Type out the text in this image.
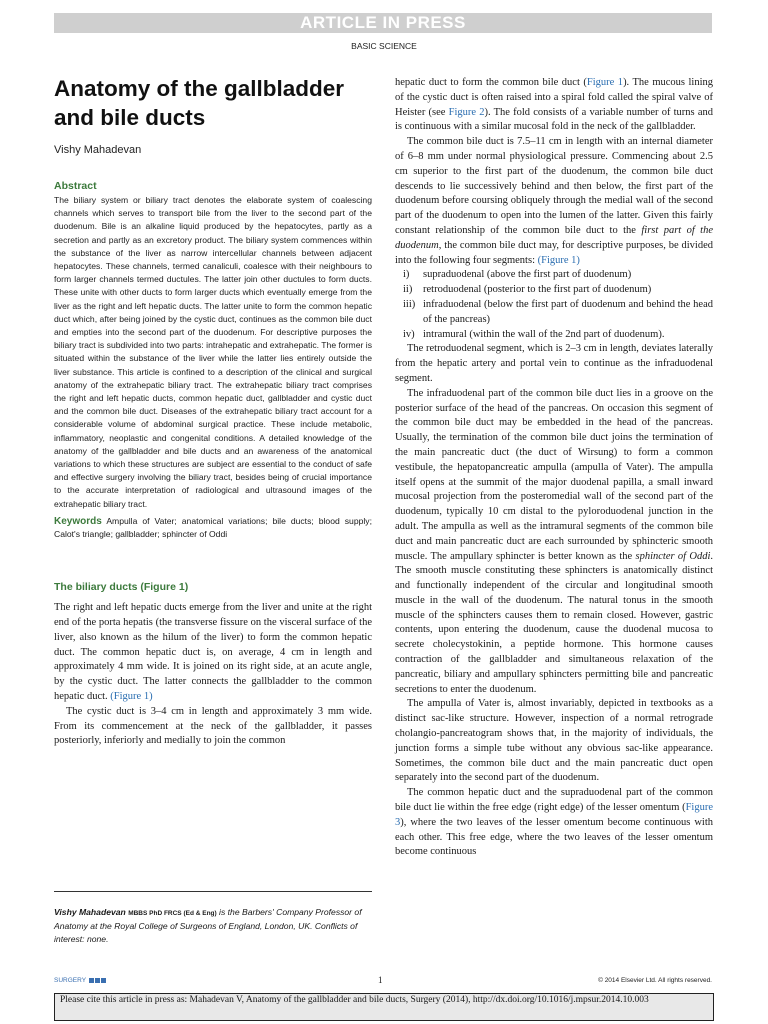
ARTICLE IN PRESS
BASIC SCIENCE
Anatomy of the gallbladder and bile ducts
Vishy Mahadevan
Abstract
The biliary system or biliary tract denotes the elaborate system of coalescing channels which serves to transport bile from the liver to the second part of the duodenum. Bile is an alkaline liquid produced by the hepatocytes, partly as a secretion and partly as an excretory product. The biliary system commences within the substance of the liver as narrow intercellular channels between adjacent hepatocytes. These channels, termed canaliculi, coalesce with their neighbours to form larger channels termed ductules. The latter join other ductules to form ducts. These unite with other ducts to form larger ducts which eventually emerge from the liver as the right and left hepatic ducts. The latter unite to form the common hepatic duct which, after being joined by the cystic duct, continues as the common bile duct and empties into the second part of the duodenum. For descriptive purposes the biliary tract is subdivided into two parts: intrahepatic and extrahepatic. The former is situated within the substance of the liver while the latter lies entirely outside the liver substance. This article is confined to a description of the clinical and surgical anatomy of the extrahepatic biliary tract. The extrahepatic biliary tract comprises the right and left hepatic ducts, common hepatic duct, gallbladder and cystic duct and the common bile duct. Diseases of the extrahepatic biliary tract account for a considerable volume of abdominal surgical practice. These include metabolic, inflammatory, neoplastic and congenital conditions. A detailed knowledge of the anatomy of the gallbladder and bile ducts and an awareness of the anatomical variations to which these structures are subject are essential to the conduct of safe and effective surgery involving the biliary tract, besides being of crucial importance to the accurate interpretation of radiological and ultrasound images of the extrahepatic biliary tract.
Keywords Ampulla of Vater; anatomical variations; bile ducts; blood supply; Calot's triangle; gallbladder; sphincter of Oddi
The biliary ducts (Figure 1)

The right and left hepatic ducts emerge from the liver and unite at the right end of the porta hepatis (the transverse fissure on the visceral surface of the liver, also known as the hilum of the liver) to form the common hepatic duct. The common hepatic duct is, on average, 4 cm in length and approximately 4 mm wide. It is joined on its right side, at an acute angle, by the cystic duct. The latter connects the gallbladder to the common hepatic duct. (Figure 1)

The cystic duct is 3–4 cm in length and approximately 3 mm wide. From its commencement at the neck of the gallbladder, it passes posteriorly, inferiorly and medially to join the common

hepatic duct to form the common bile duct (Figure 1). The mucous lining of the cystic duct is often raised into a spiral fold called the spiral valve of Heister (see Figure 2). The fold consists of a variable number of turns and is continuous with a similar mucosal fold in the neck of the gallbladder.

The common bile duct is 7.5–11 cm in length with an internal diameter of 6–8 mm under normal physiological pressure. Commencing about 2.5 cm superior to the first part of the duodenum, the common bile duct descends to lie successively behind and then below, the first part of the duodenum before coursing obliquely through the medial wall of the second part of the duodenum to open into the lumen of the latter. Given this fairly constant relationship of the common bile duct to the first part of the duodenum, the common bile duct may, for descriptive purposes, be divided into the following four segments: (Figure 1)

i)	supraduodenal (above the first part of duodenum)
ii)	retroduodenal (posterior to the first part of duodenum)
iii) infraduodenal (below the first part of duodenum and behind the head of the pancreas)
iv) intramural (within the wall of the 2nd part of duodenum).

The retroduodenal segment, which is 2–3 cm in length, deviates laterally from the hepatic artery and portal vein to continue as the infraduodenal segment.

The infraduodenal part of the common bile duct lies in a groove on the posterior surface of the head of the pancreas. On occasion this segment of the common bile duct may be embedded in the head of the pancreas. Usually, the termination of the common bile duct joins the termination of the main pancreatic duct (the duct of Wirsung) to form a common vestibule, the hepatopancreatic ampulla (ampulla of Vater). The ampulla itself opens at the summit of the major duodenal papilla, a small inward mucosal projection from the posteromedial wall of the second part of the duodenum, typically 10 cm distal to the pyloroduodenal junction in the adult. The ampulla as well as the intramural segments of the common bile duct and main pancreatic duct are each surrounded by sphincteric smooth muscle. The ampullary sphincter is better known as the sphincter of Oddi. The smooth muscle constituting these sphincters is anatomically distinct and functionally independent of the circular and longitudinal smooth muscle in the wall of the duodenum. The natural tonus in the smooth muscle of the sphincters causes them to remain closed. However, gastric contents, upon entering the duodenum, cause the duodenal mucosa to secrete cholecystokinin, a peptide hormone. This hormone causes contraction of the gallbladder and simultaneous relaxation of the pancreatic, biliary and ampullary sphincters permitting bile and pancreatic secretions to enter the duodenum.

The ampulla of Vater is, almost invariably, depicted in textbooks as a distinct sac-like structure. However, inspection of a normal retrograde cholangio-pancreatogram shows that, in the majority of individuals, the junction forms a simple tube without any obvious sac-like appearance. Sometimes, the common bile duct and the main pancreatic duct open separately into the second part of the duodenum.

The common hepatic duct and the supraduodenal part of the common bile duct lie within the free edge (right edge) of the lesser omentum (Figure 3), where the two leaves of the lesser omentum become continuous with each other. This free edge, where the two leaves of the lesser omentum become continuous

Vishy Mahadevan MBBS PhD FRCS (Ed & Eng) is the Barbers' Company Professor of Anatomy at the Royal College of Surgeons of England, London, UK. Conflicts of interest: none.
SURGERY	1	© 2014 Elsevier Ltd. All rights reserved.
Please cite this article in press as: Mahadevan V, Anatomy of the gallbladder and bile ducts, Surgery (2014), http://dx.doi.org/10.1016/j.mpsur.2014.10.003
